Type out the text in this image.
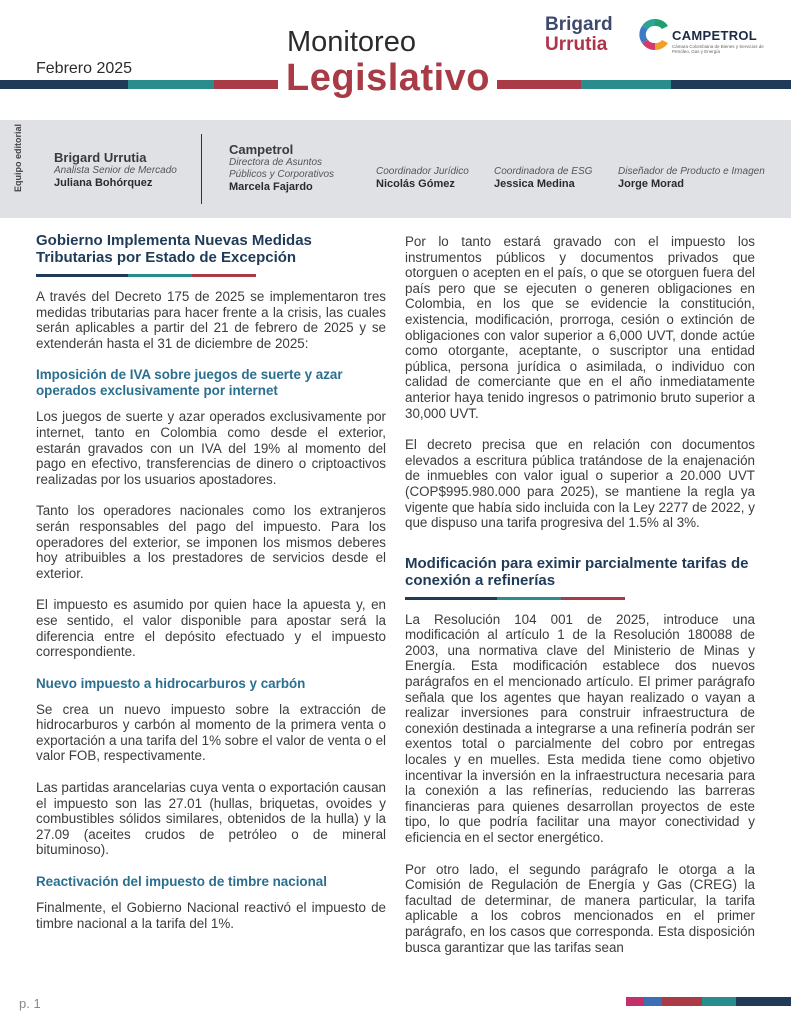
Febrero 2025
Monitoreo
Legislativo
Brigard
Urrutia	CAMPETROL
Cámara Colombiana de Bienes y Servicios de Petróleo, Gas y Energía
Equipo editorial Brigard Urrutia
Analista Senior de Mercado
Juliana Bohórquez
Campetrol
Directora de Asuntos Públicos y Corporativos
Marcela Fajardo
Coordinador Jurídico
Nicolás Gómez
Coordinadora de ESG
Jessica Medina
Diseñador de Producto e Imagen
Jorge Morad
Gobierno Implementa Nuevas Medidas Tributarias por Estado de Excepción
A través del Decreto 175 de 2025 se implementaron tres medidas tributarias para hacer frente a la crisis, las cuales serán aplicables a partir del 21 de febrero de 2025 y se extenderán hasta el 31 de diciembre de 2025:
Imposición de IVA sobre juegos de suerte y azar operados exclusivamente por internet
Los juegos de suerte y azar operados exclusivamente por internet, tanto en Colombia como desde el exterior, estarán gravados con un IVA del 19% al momento del pago en efectivo, transferencias de dinero o criptoactivos realizadas por los usuarios apostadores.
Tanto los operadores nacionales como los extranjeros serán responsables del pago del impuesto. Para los operadores del exterior, se imponen los mismos deberes hoy atribuibles a los prestadores de servicios desde el exterior.
El impuesto es asumido por quien hace la apuesta y, en ese sentido, el valor disponible para apostar será la diferencia entre el depósito efectuado y el impuesto correspondiente.
Nuevo impuesto a hidrocarburos y carbón
Se crea un nuevo impuesto sobre la extracción de hidrocarburos y carbón al momento de la primera venta o exportación a una tarifa del 1% sobre el valor de venta o el valor FOB, respectivamente.
Las partidas arancelarias cuya venta o exportación causan el impuesto son las 27.01 (hullas, briquetas, ovoides y combustibles sólidos similares, obtenidos de la hulla) y la 27.09 (aceites crudos de petróleo o de mineral bituminoso).
Reactivación del impuesto de timbre nacional
Finalmente, el Gobierno Nacional reactivó el impuesto de timbre nacional a la tarifa del 1%.
Por lo tanto estará gravado con el impuesto los instrumentos públicos y documentos privados que otorguen o acepten en el país, o que se otorguen fuera del país pero que se ejecuten o generen obligaciones en Colombia, en los que se evidencie la constitución, existencia, modificación, prorroga, cesión o extinción de obligaciones con valor superior a 6,000 UVT, donde actúe como otorgante, aceptante, o suscriptor una entidad pública, persona jurídica o asimilada, o individuo con calidad de comerciante que en el año inmediatamente anterior haya tenido ingresos o patrimonio bruto superior a 30,000 UVT.
El decreto precisa que en relación con documentos elevados a escritura pública tratándose de la enajenación de inmuebles con valor igual o superior a 20.000 UVT (COP$995.980.000 para 2025), se mantiene la regla ya vigente que había sido incluida con la Ley 2277 de 2022, y que dispuso una tarifa progresiva del 1.5% al 3%.
Modificación para eximir parcialmente tarifas de conexión a refinerías
La Resolución 104 001 de 2025, introduce una modificación al artículo 1 de la Resolución 180088 de 2003, una normativa clave del Ministerio de Minas y Energía. Esta modificación establece dos nuevos parágrafos en el mencionado artículo. El primer parágrafo señala que los agentes que hayan realizado o vayan a realizar inversiones para construir infraestructura de conexión destinada a integrarse a una refinería podrán ser exentos total o parcialmente del cobro por entregas locales y en muelles. Esta medida tiene como objetivo incentivar la inversión en la infraestructura necesaria para la conexión a las refinerías, reduciendo las barreras financieras para quienes desarrollan proyectos de este tipo, lo que podría facilitar una mayor conectividad y eficiencia en el sector energético.
Por otro lado, el segundo parágrafo le otorga a la Comisión de Regulación de Energía y Gas (CREG) la facultad de determinar, de manera particular, la tarifa aplicable a los cobros mencionados en el primer parágrafo, en los casos que corresponda. Esta disposición busca garantizar que las tarifas sean
p. 1
